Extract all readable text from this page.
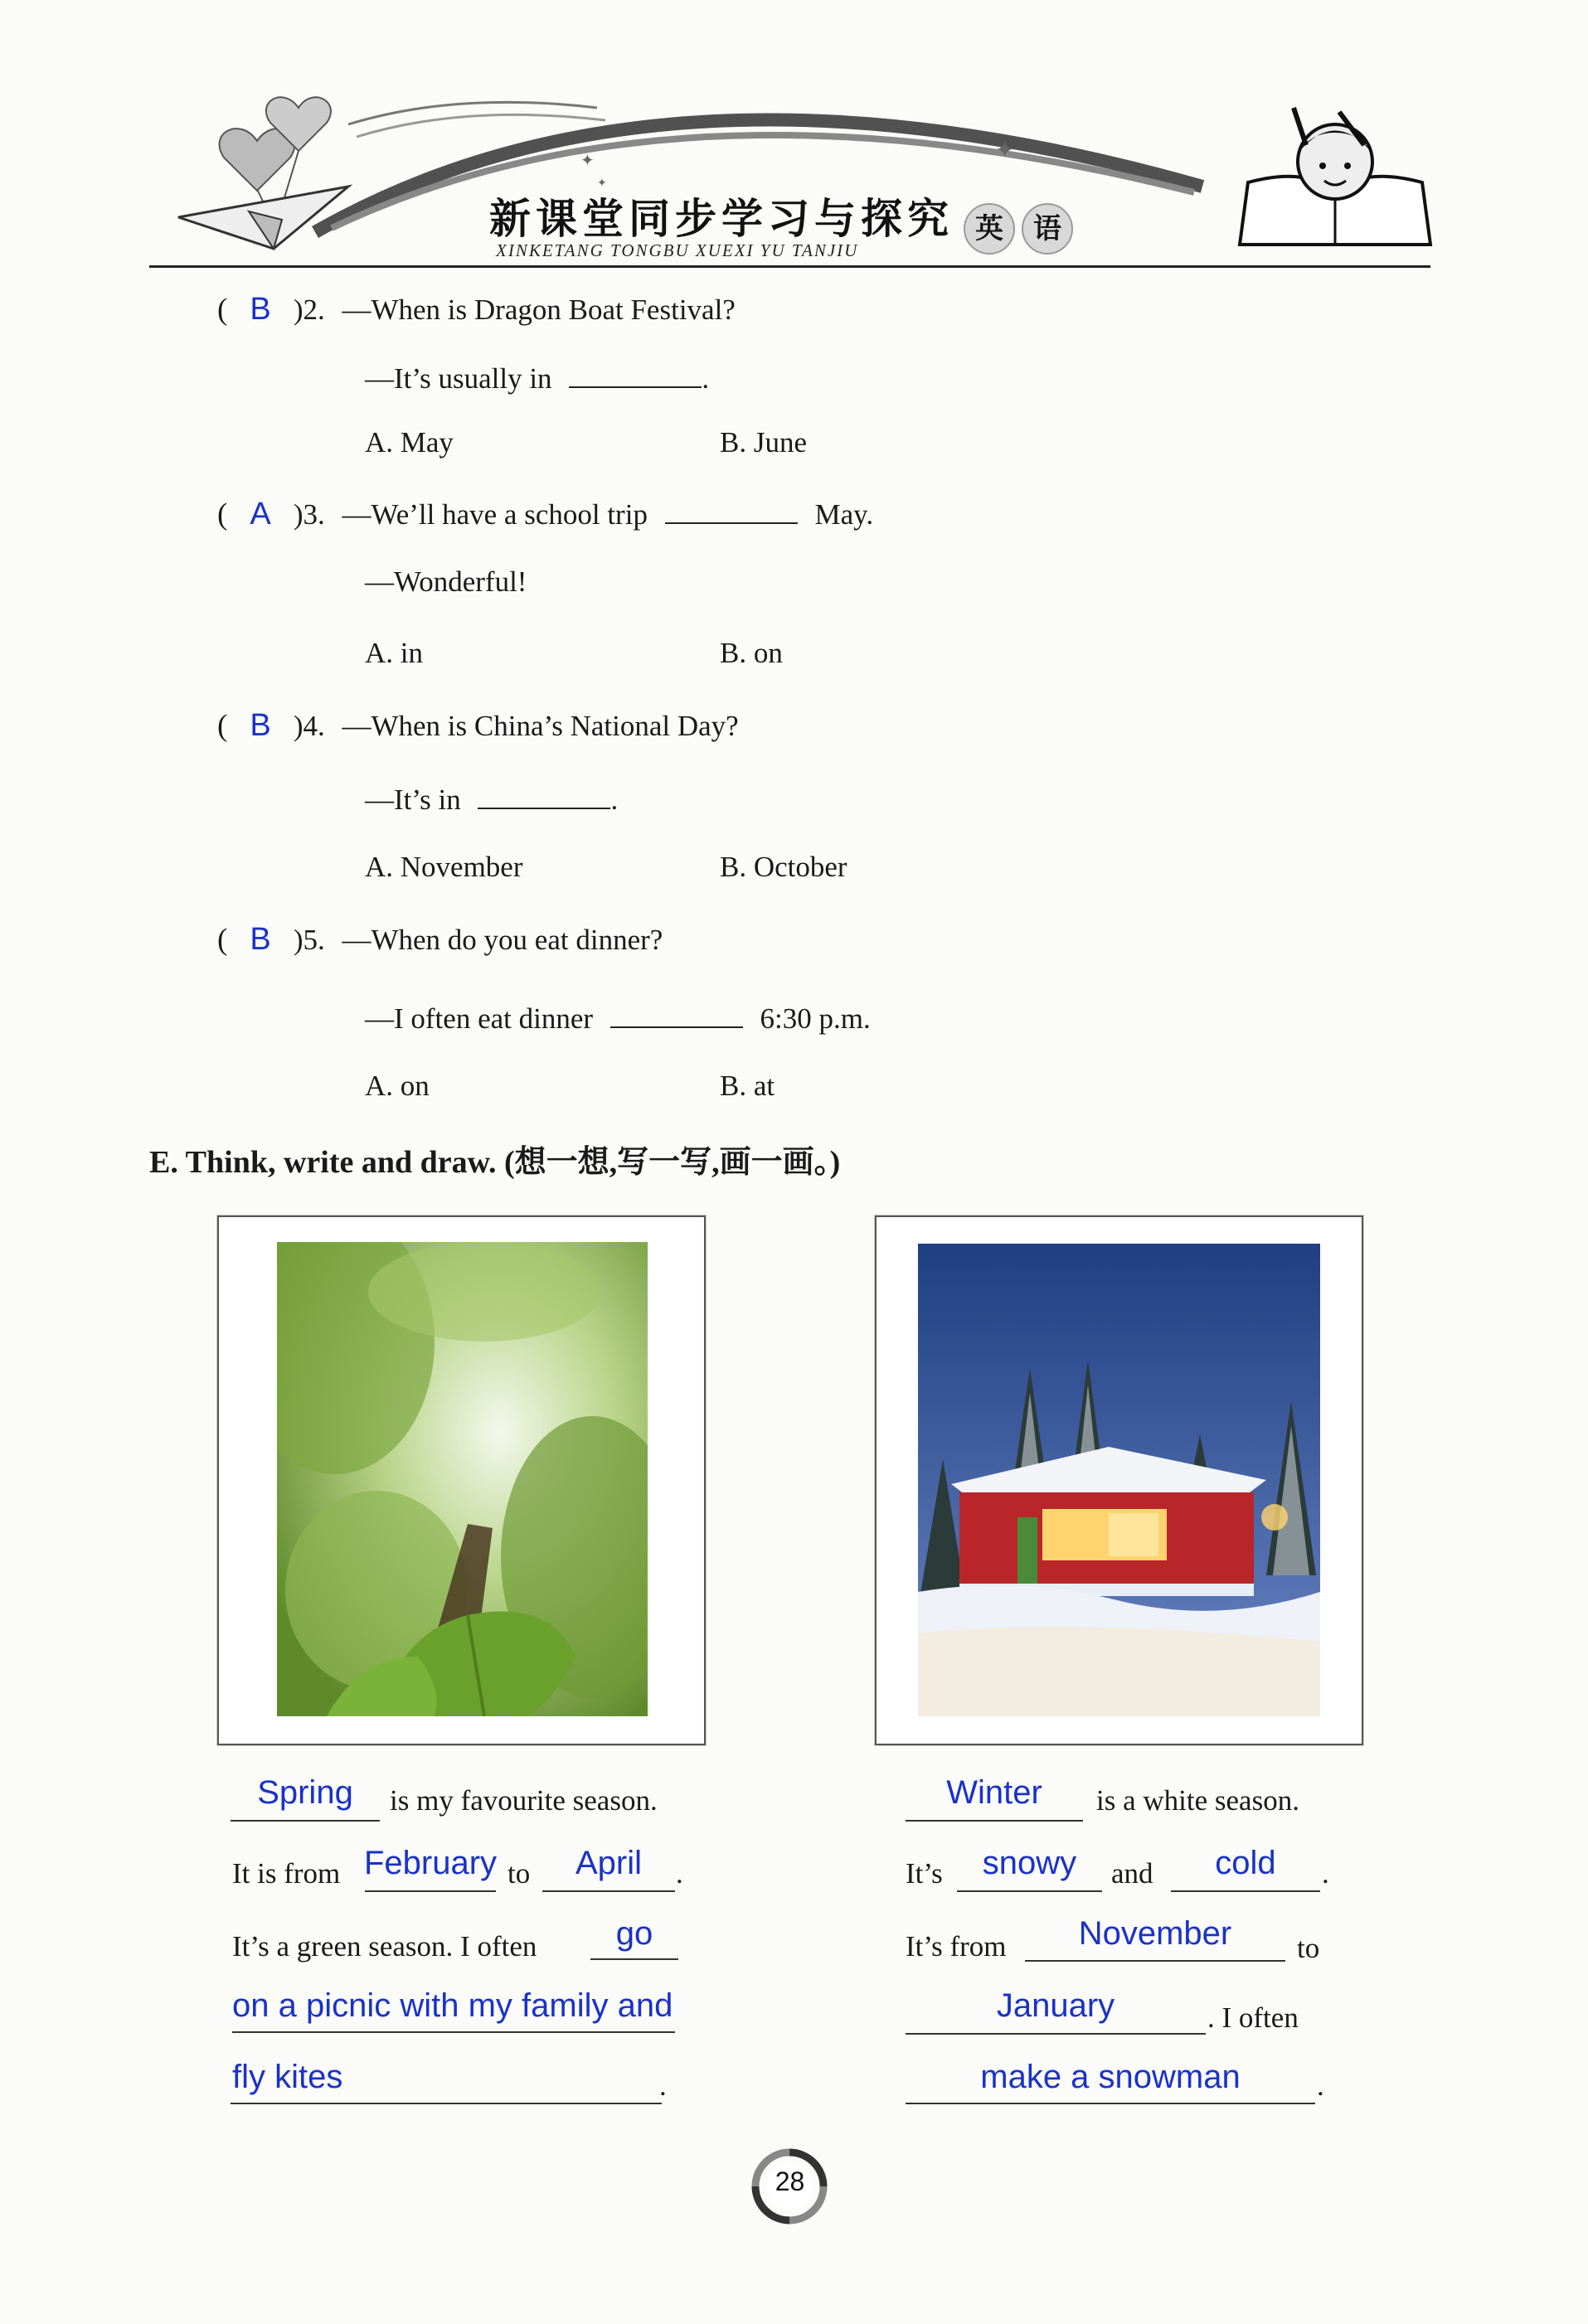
✦
✦
✦
新课堂同步学习与探究 英	语
XINKETANG TONGBU XUEXI YU TANJIU
( B )2. —When is Dragon Boat Festival?
—It’s usually in	.
A. May	B. June
( A )3. —We’ll have a school trip	May.
—Wonderful!
A. in	B. on
( B )4. —When is China’s National Day?
—It’s in	.
A. November	B. October
( B )5. —When do you eat dinner?
—I often eat dinner	6:30 p.m.
A. on	B. at
E. Think, write and draw. (想一想,写一写,画一画。)
Spring	is my favourite season.
It is from February to	April	.
It’s a green season. I often	go
on a picnic with my family and
fly kites	.
Winter	is a white season.
It’s	snowy	and	cold	.
It’s from	November	to
January	. I often
make a snowman	.
28
